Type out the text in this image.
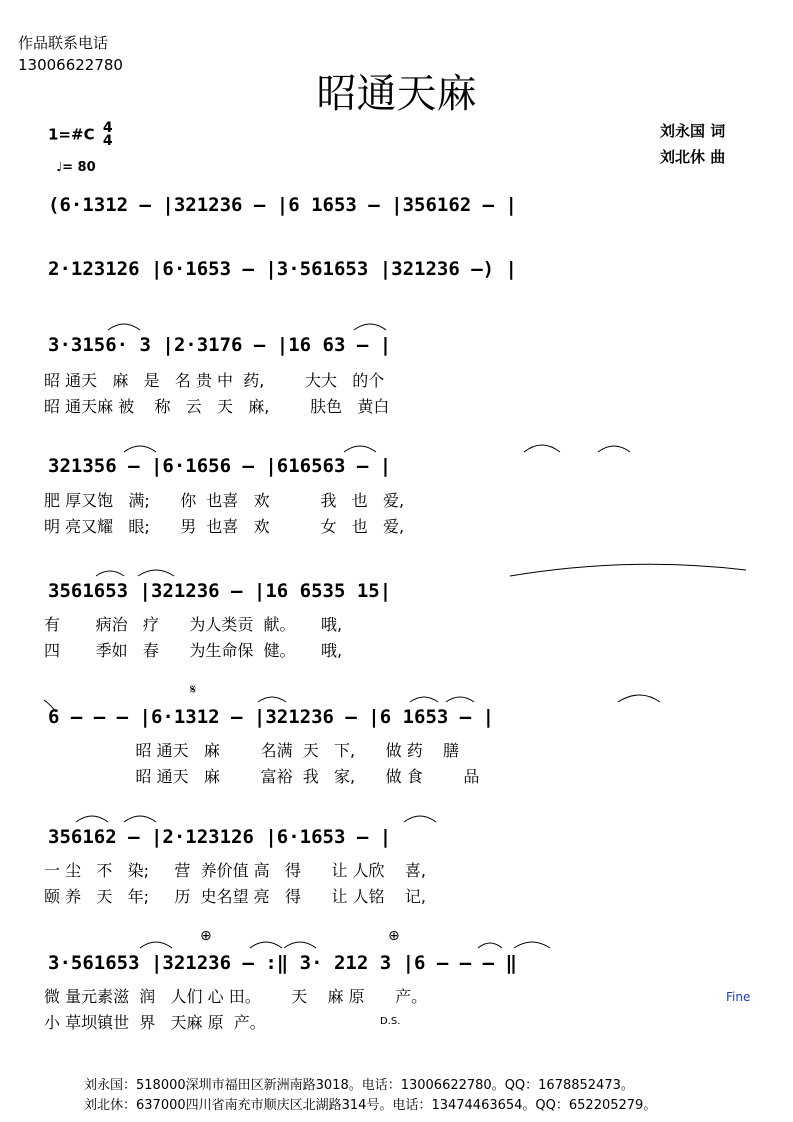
作品联系电话
13006622780
昭通天麻
1=#C 4
4
♩= 80
刘永国 词
刘北休 曲
(6·1312 – |321236 – |6 1653 – |356162 – |
2·123126 |6·1653 – |3·561653 |321236 –) |
3·3156· 3 |2·3176 – |16 63 – |
昭 通天   麻   是   名 贵 中  药,        大大   的个
昭 通天麻 被    称   云   天   麻,        肤色   黄白
321356 – |6·1656 – |616563 – |
肥 厚又饱   满;      你  也喜   欢          我   也   爱,
明 亮又耀   眼;      男  也喜   欢          女   也   爱,
3561653 |321236 – |16 6535 15|
有       病治   疗      为人类贡  献。     哦,
四       季如   春      为生命保  健。     哦,
𝄋
6 – – – |6·1312 – |321236 – |6 1653 – |
昭 通天   麻        名满  天   下,      做 药    膳
昭 通天   麻        富裕  我   家,      做 食        品
356162 – |2·123126 |6·1653 – |
一 尘   不   染;     营  养价值 高   得      让 人欣    喜,
颐 养   天   年;     历  史名望 亮   得      让 人铭    记,
⊕	⊕
3·561653 |321236 – :‖ 3· 212 3 |6 – – – ‖
微 量元素滋  润   人们 心 田。      天    麻 原      产。
小 草坝镇世  界   天麻 原  产。
Fine
D.S.
刘永国：518000深圳市福田区新洲南路3018。电话：13006622780。QQ：1678852473。
刘北休：637000四川省南充市顺庆区北湖路314号。电话：13474463654。QQ：652205279。
